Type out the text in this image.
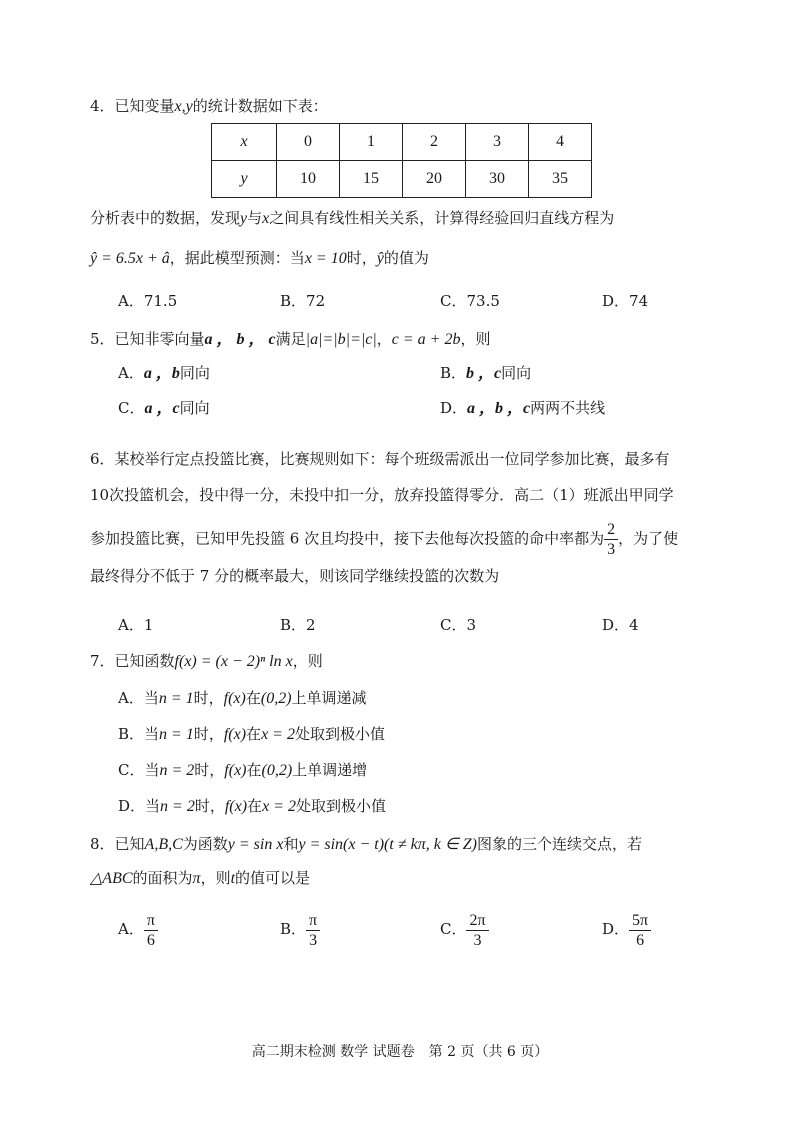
4．已知变量x,y的统计数据如下表：
x	0	1	2	3	4
y	10	15	20	30	35
分析表中的数据，发现y与x之间具有线性相关关系，计算得经验回归直线方程为
ŷ = 6.5x + â，据此模型预测：当x = 10时，ŷ的值为
A．71.5	B．72	C．73.5	D．74
5．已知非零向量a ， b ， c满足|a|=|b|=|c|，c = a + 2b，则
A．a ，b同向	B．b ，c同向
C．a ，c同向	D．a ，b ，c两两不共线
6．某校举行定点投篮比赛，比赛规则如下：每个班级需派出一位同学参加比赛，最多有
10次投篮机会，投中得一分，未投中扣一分，放弃投篮得零分．高二（1）班派出甲同学
参加投篮比赛，已知甲先投篮 6 次且均投中，接下去他每次投篮的命中率都为 $\frac{2}{3}$ ，为了使
最终得分不低于 7 分的概率最大，则该同学继续投篮的次数为
A．1	B．2	C．3	D．4
7．已知函数f(x) = (x − 2)ⁿ ln x，则
A．当n = 1时，f(x)在(0,2)上单调递减
B．当n = 1时，f(x)在x = 2处取到极小值
C．当n = 2时，f(x)在(0,2)上单调递增
D．当n = 2时，f(x)在x = 2处取到极小值
8．已知A,B,C为函数y = sin x和y = sin(x − t)(t ≠ kπ, k ∈ Z)图象的三个连续交点，若
△ABC的面积为π，则t的值可以是
A． $\frac{\pi}{6}$	B． $\frac{\pi}{3}$	C． $\frac{2\pi}{3}$	D． $\frac{5\pi}{6}$
高二期末检测 数学 试题卷　第 2 页（共 6 页）
